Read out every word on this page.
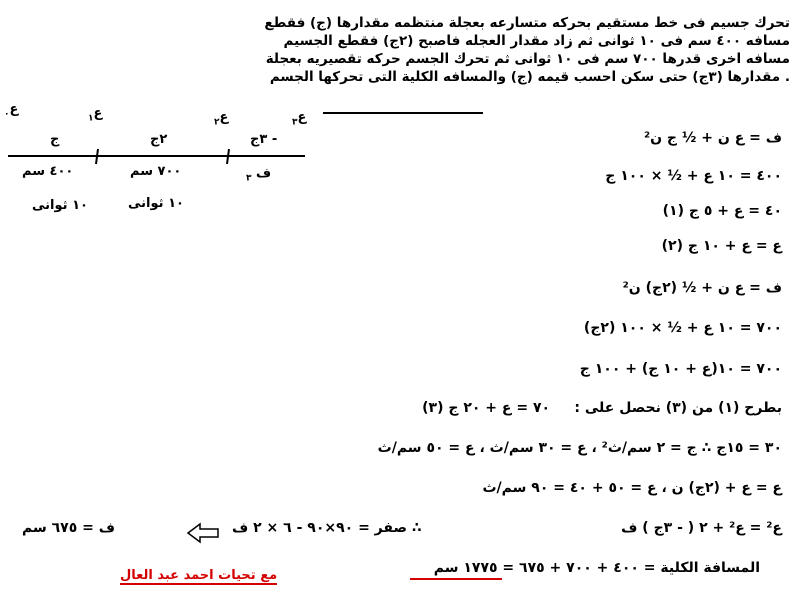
تحرك جسيم فى خط مستقيم بحركه متسارعه بعجلة منتظمه مقدارها (ج) فقطع
مسافه ٤٠٠ سم فى ١٠ ثوانى ثم زاد مقدار العجله فاصبح (٢ج) فقطع الجسيم
مسافه اخرى قدرها ٧٠٠ سم فى ١٠ ثوانى ثم تحرك الجسم حركه تقصيريه بعجلة
. مقدارها (٣ج) حتى سكن احسب قيمه (ج) والمسافه الكلية التى تحركها الجسم
ع$_٠$	ع$_١$	ع$_٢$	ع$_٣$
ج	٢ج	- ٣ج
٤٠٠ سم	٧٠٠ سم	ف $_٣$
١٠ ثوانى	١٠ ثوانى
ف = ع ن + ½ ج ن²
٤٠٠ = ١٠ ع + ½ × ١٠٠ ج
٤٠ = ع + ٥ ج (١)
ع = ع + ١٠ ج (٢)
ف = ع ن + ½ (٢ج) ن²
٧٠٠ = ١٠ ع + ½ × ١٠٠ (٢ج)
٧٠٠ = ١٠(ع + ١٠ ج) + ١٠٠ ج
بطرح (١) من (٣) نحصل على :     ٧٠ = ع + ٢٠ ج (٣)
٣٠ = ١٥ج ∴ ج = ٢ سم/ث² ، ع = ٣٠ سم/ث ، ع = ٥٠ سم/ث
ع = ع + (٢ج) ن ، ع = ٥٠ + ٤٠ = ٩٠ سم/ث
ع² = ع² + ٢ ( - ٣ج ) ف
∴ صفر = ٩٠×٩٠ - ٦ × ٢ ف
ف = ٦٧٥ سم
المسافة الكلية = ٤٠٠ + ٧٠٠ + ٦٧٥ = ١٧٧٥ سم
مع تحيات احمد عبد العال
